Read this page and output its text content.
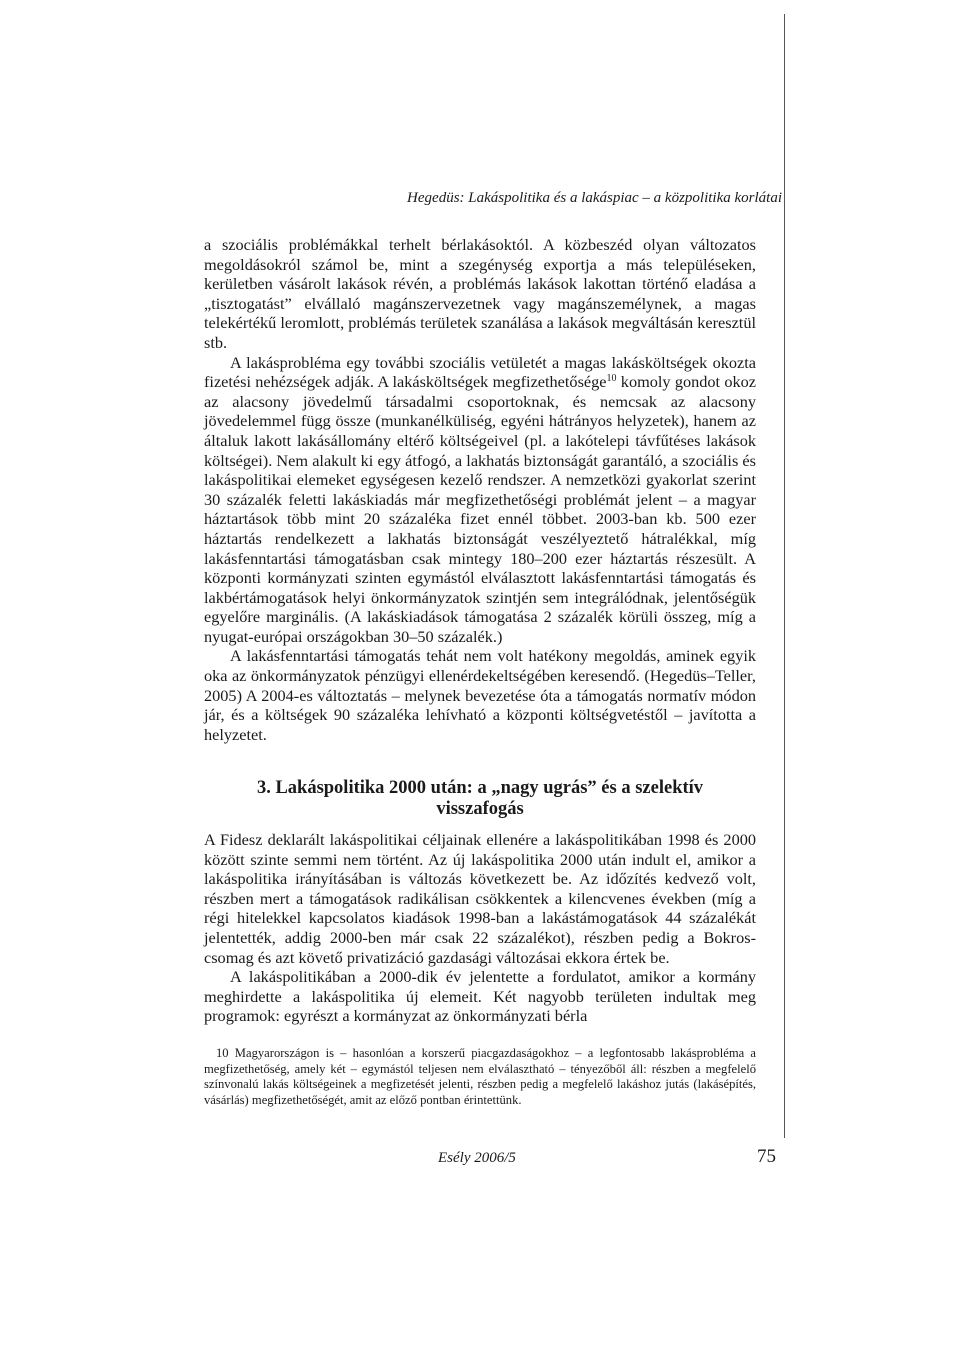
Hegedüs: Lakáspolitika és a lakáspiac – a közpolitika korlátai

a szociális problémákkal terhelt bérlakásoktól. A közbeszéd olyan változatos megoldásokról számol be, mint a szegénység exportja a más településeken, kerületben vásárolt lakások révén, a problémás lakások lakottan történő eladása a „tisztogatást” elvállaló magánszervezetnek vagy magánszemélynek, a magas telekértékű leromlott, problémás területek szanálása a lakások megváltásán keresztül stb.

A lakásprobléma egy további szociális vetületét a magas lakásköltségek okozta fizetési nehézségek adják. A lakásköltségek megfizethetősége$^{10}$ komoly gondot okoz az alacsony jövedelmű társadalmi csoportoknak, és nemcsak az alacsony jövedelemmel függ össze (munkanélküliség, egyéni hátrányos helyzetek), hanem az általuk lakott lakásállomány eltérő költségeivel (pl. a lakótelepi távfűtéses lakások költségei). Nem alakult ki egy átfogó, a lakhatás biztonságát garantáló, a szociális és lakáspolitikai elemeket egységesen kezelő rendszer. A nemzetközi gyakorlat szerint 30 százalék feletti lakáskiadás már megfizethetőségi problémát jelent – a magyar háztartások több mint 20 százaléka fizet ennél többet. 2003-ban kb. 500 ezer háztartás rendelkezett a lakhatás biztonságát veszélyeztető hátralékkal, míg lakásfenntartási támogatásban csak mintegy 180–200 ezer háztartás részesült. A központi kormányzati szinten egymástól elválasztott lakásfenntartási támogatás és lakbértámogatások helyi önkormányzatok szintjén sem integrálódnak, jelentőségük egyelőre marginális. (A lakáskiadások támogatása 2 százalék körüli összeg, míg a nyugat-európai országokban 30–50 százalék.)

A lakásfenntartási támogatás tehát nem volt hatékony megoldás, aminek egyik oka az önkormányzatok pénzügyi ellenérdekeltségében keresendő. (Hegedüs–Teller, 2005) A 2004-es változtatás – melynek bevezetése óta a támogatás normatív módon jár, és a költségek 90 százaléka lehívható a központi költségvetéstől – javította a helyzetet.

3. Lakáspolitika 2000 után: a „nagy ugrás” és a szelektív
visszafogás

A Fidesz deklarált lakáspolitikai céljainak ellenére a lakáspolitikában 1998 és 2000 között szinte semmi nem történt. Az új lakáspolitika 2000 után indult el, amikor a lakáspolitika irányításában is változás következett be. Az időzítés kedvező volt, részben mert a támogatások radikálisan csökkentek a kilencvenes években (míg a régi hitelekkel kapcsolatos kiadások 1998-ban a lakástámogatások 44 százalékát jelentették, addig 2000-ben már csak 22 százalékot), részben pedig a Bokros-csomag és azt követő privatizáció gazdasági változásai ekkora értek be.

A lakáspolitikában a 2000-dik év jelentette a fordulatot, amikor a kormány meghirdette a lakáspolitika új elemeit. Két nagyobb területen indultak meg programok: egyrészt a kormányzat az önkormányzati bérla

10 Magyarországon is – hasonlóan a korszerű piacgazdaságokhoz – a legfontosabb lakásprobléma a megfizethetőség, amely két – egymástól teljesen nem elválasztható – tényezőből áll: részben a megfelelő színvonalú lakás költségeinek a megfizetését jelenti, részben pedig a megfelelő lakáshoz jutás (lakásépítés, vásárlás) megfizethetőségét, amit az előző pontban érintettünk.

Esély 2006/5	75
